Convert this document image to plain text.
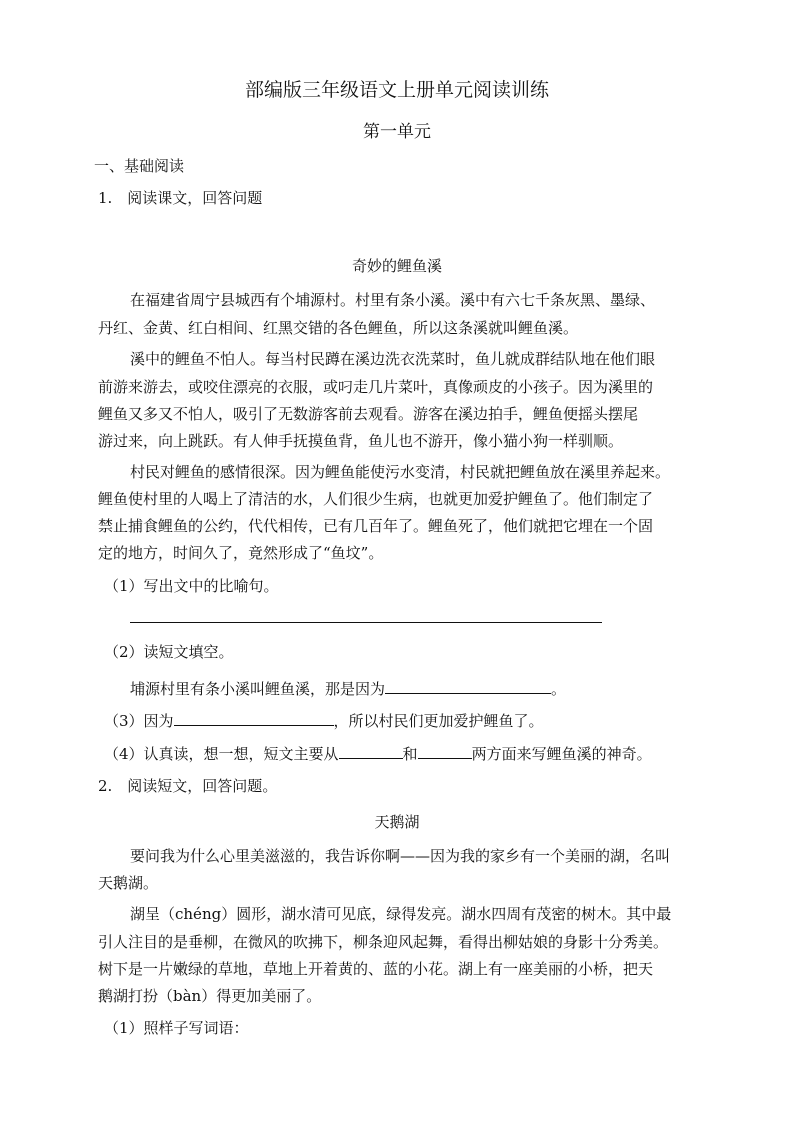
部编版三年级语文上册单元阅读训练
第一单元
一、基础阅读
1.　阅读课文，回答问题
奇妙的鲤鱼溪
在福建省周宁县城西有个埔源村。村里有条小溪。溪中有六七千条灰黑、墨绿、
丹红、金黄、红白相间、红黑交错的各色鲤鱼，所以这条溪就叫鲤鱼溪。
溪中的鲤鱼不怕人。每当村民蹲在溪边洗衣洗菜时，鱼儿就成群结队地在他们眼
前游来游去，或咬住漂亮的衣服，或叼走几片菜叶，真像顽皮的小孩子。因为溪里的
鲤鱼又多又不怕人，吸引了无数游客前去观看。游客在溪边拍手，鲤鱼便摇头摆尾
游过来，向上跳跃。有人伸手抚摸鱼背，鱼儿也不游开，像小猫小狗一样驯顺。
村民对鲤鱼的感情很深。因为鲤鱼能使污水变清，村民就把鲤鱼放在溪里养起来。
鲤鱼使村里的人喝上了清洁的水，人们很少生病，也就更加爱护鲤鱼了。他们制定了
禁止捕食鲤鱼的公约，代代相传，已有几百年了。鲤鱼死了，他们就把它埋在一个固
定的地方，时间久了，竟然形成了“鱼坟”。
（1）写出文中的比喻句。
（2）读短文填空。
埔源村里有条小溪叫鲤鱼溪，那是因为	。
（3）因为	，所以村民们更加爱护鲤鱼了。
（4）认真读，想一想，短文主要从	和	两方面来写鲤鱼溪的神奇。
2.　阅读短文，回答问题。
天鹅湖
要问我为什么心里美滋滋的，我告诉你啊——因为我的家乡有一个美丽的湖，名叫
天鹅湖。
湖呈（chéng）圆形，湖水清可见底，绿得发亮。湖水四周有茂密的树木。其中最
引人注目的是垂柳，在微风的吹拂下，柳条迎风起舞，看得出柳姑娘的身影十分秀美。
树下是一片嫩绿的草地，草地上开着黄的、蓝的小花。湖上有一座美丽的小桥，把天
鹅湖打扮（bàn）得更加美丽了。
（1）照样子写词语：
